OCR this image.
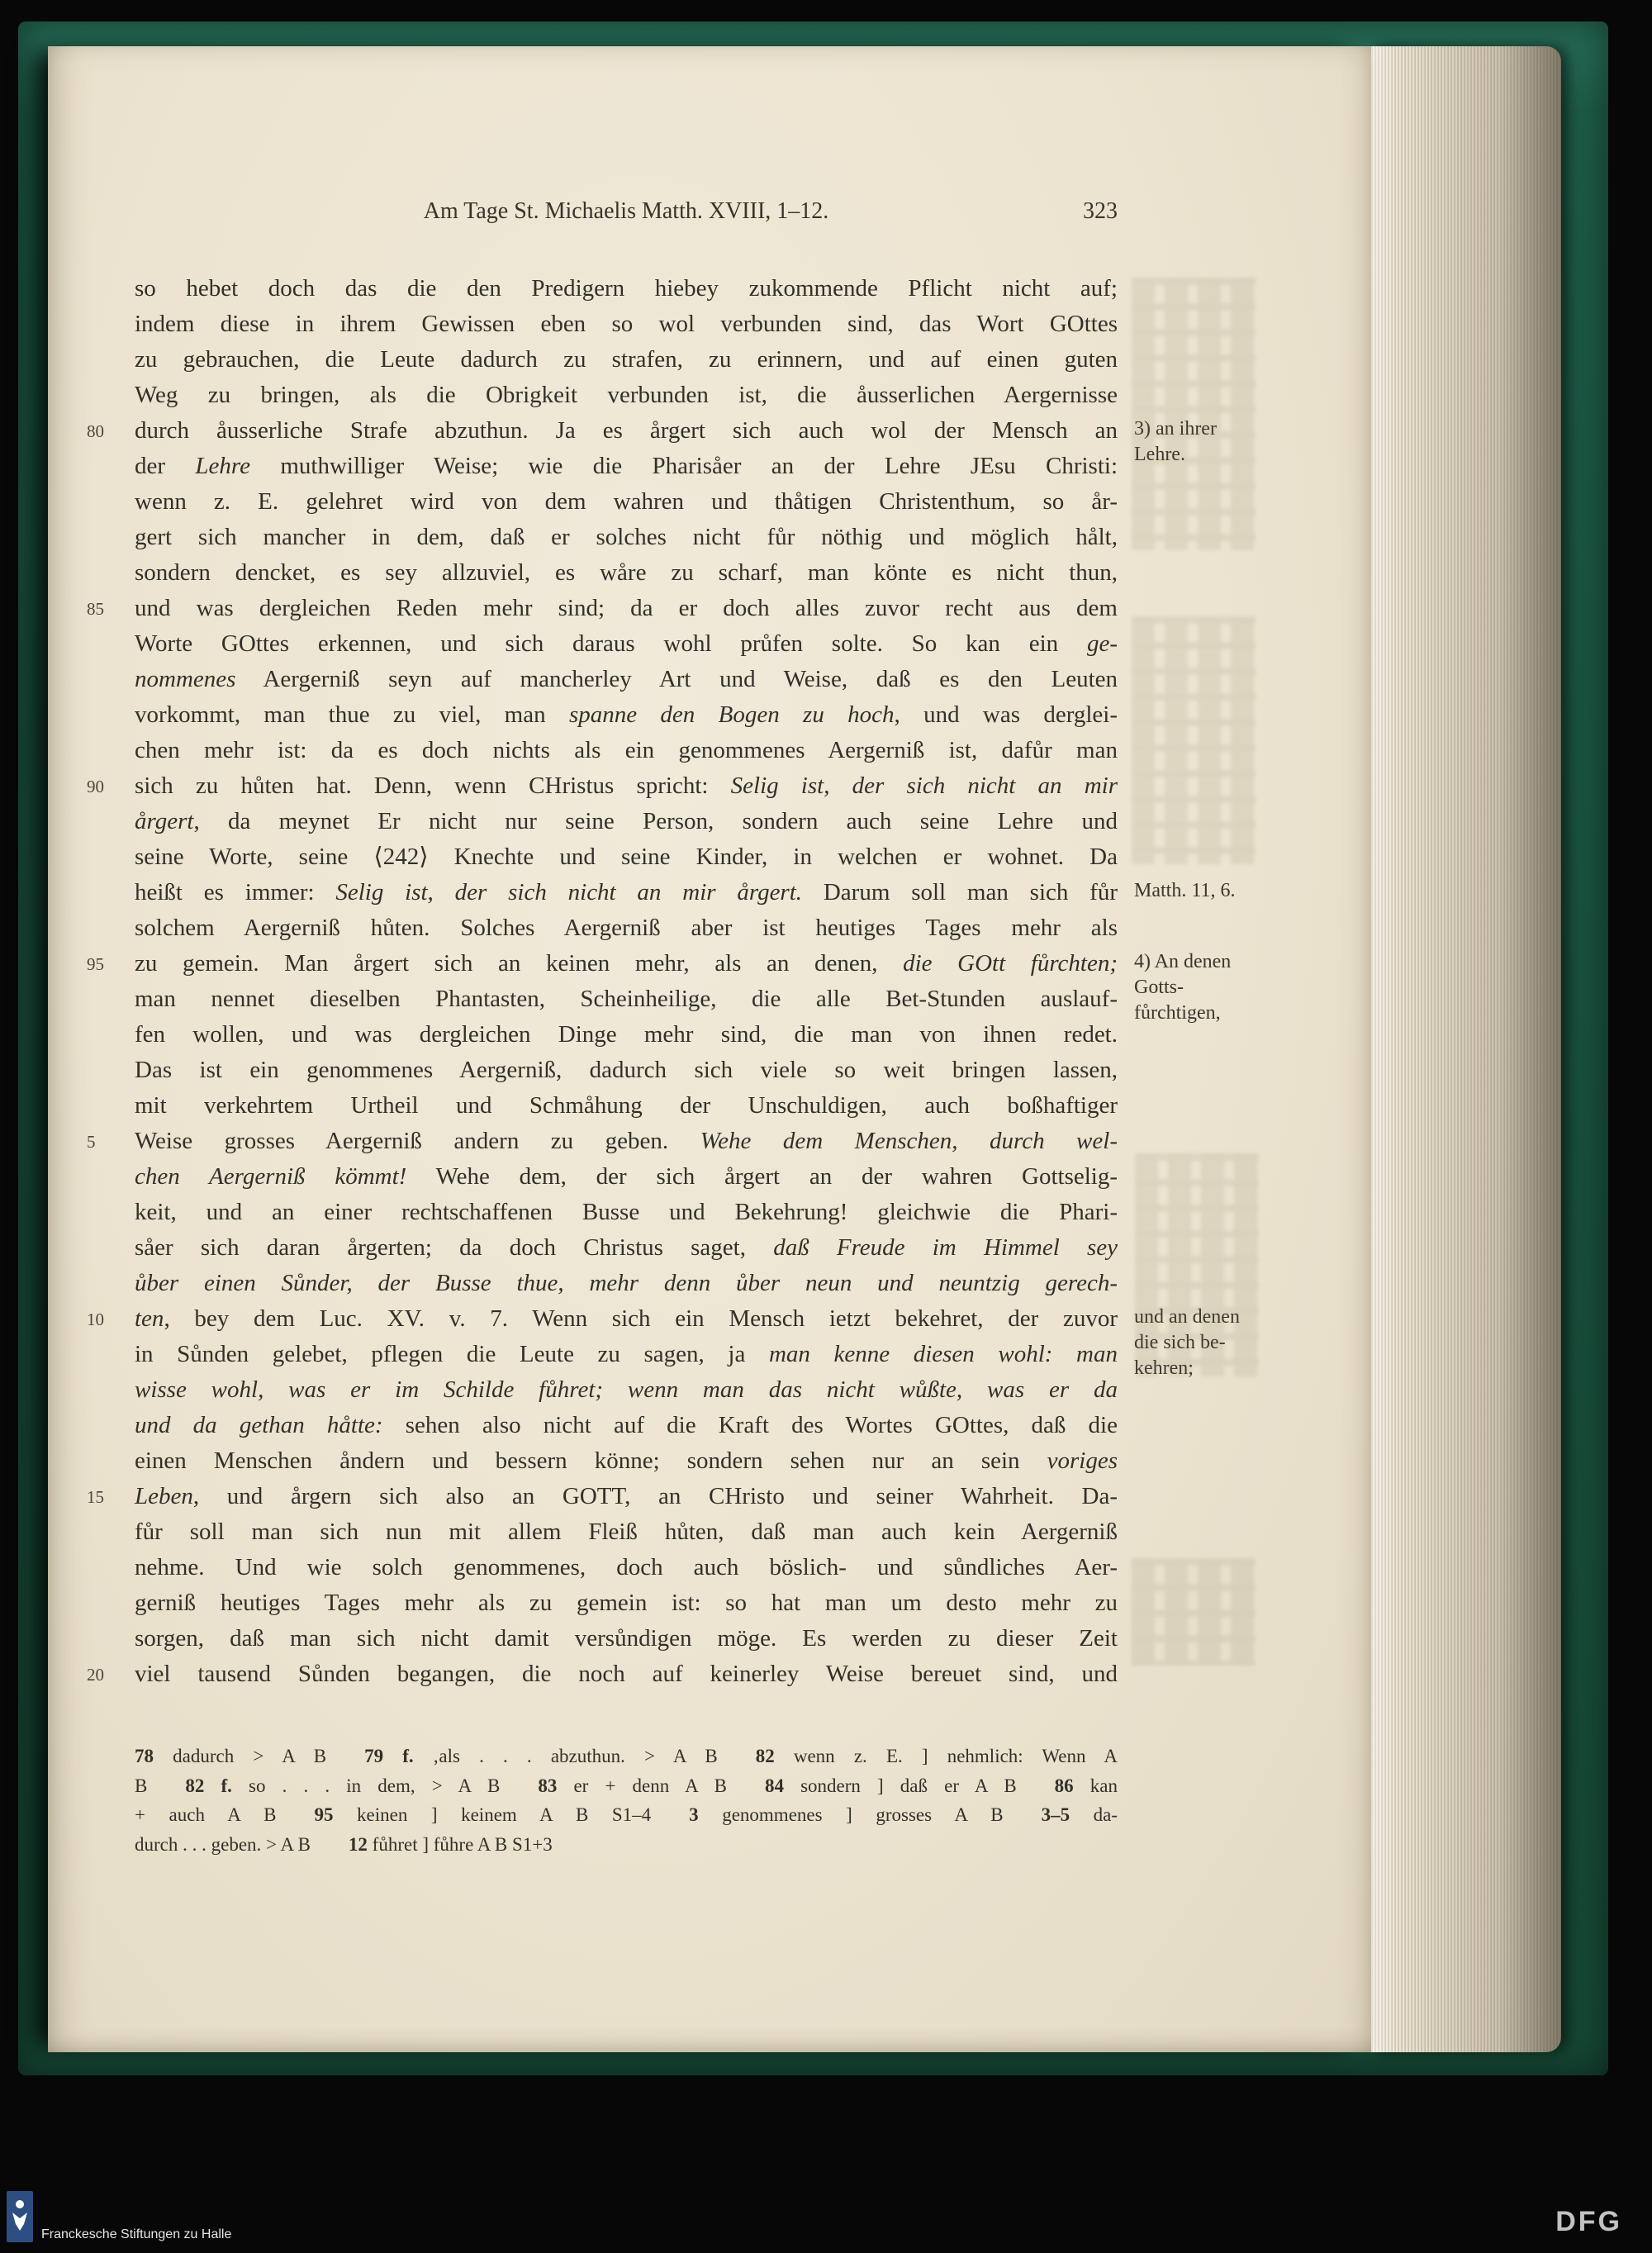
Am Tage St. Michaelis Matth. XVIII, 1–12.	323
so hebet doch das die den Predigern hiebey zukommende Pflicht nicht auf;
indem diese in ihrem Gewissen eben so wol verbunden sind, das Wort GOttes
zu gebrauchen, die Leute dadurch zu strafen, zu erinnern, und auf einen guten
Weg zu bringen, als die Obrigkeit verbunden ist, die åusserlichen Aergernisse
80	durch åusserliche Strafe abzuthun. Ja es årgert sich auch wol der Mensch an
der Lehre muthwilliger Weise; wie die Pharisåer an der Lehre JEsu Christi:
wenn z. E. gelehret wird von dem wahren und thåtigen Christenthum, so år-
gert sich mancher in dem, daß er solches nicht fůr nöthig und möglich hålt,
sondern dencket, es sey allzuviel, es wåre zu scharf, man könte es nicht thun,
85	und was dergleichen Reden mehr sind; da er doch alles zuvor recht aus dem
Worte GOttes erkennen, und sich daraus wohl průfen solte. So kan ein ge-
nommenes Aergerniß seyn auf mancherley Art und Weise, daß es den Leuten
vorkommt, man thue zu viel, man spanne den Bogen zu hoch, und was derglei-
chen mehr ist: da es doch nichts als ein genommenes Aergerniß ist, dafůr man
90	sich zu hůten hat. Denn, wenn CHristus spricht: Selig ist, der sich nicht an mir
årgert, da meynet Er nicht nur seine Person, sondern auch seine Lehre und
seine Worte, seine ⟨242⟩ Knechte und seine Kinder, in welchen er wohnet. Da
heißt es immer: Selig ist, der sich nicht an mir årgert. Darum soll man sich fůr
solchem Aergerniß hůten. Solches Aergerniß aber ist heutiges Tages mehr als
95	zu gemein. Man årgert sich an keinen mehr, als an denen, die GOtt fůrchten;
man nennet dieselben Phantasten, Scheinheilige, die alle Bet-Stunden auslauf-
fen wollen, und was dergleichen Dinge mehr sind, die man von ihnen redet.
Das ist ein genommenes Aergerniß, dadurch sich viele so weit bringen lassen,
mit verkehrtem Urtheil und Schmåhung der Unschuldigen, auch boßhaftiger
5	Weise grosses Aergerniß andern zu geben. Wehe dem Menschen, durch wel-
chen Aergerniß kömmt! Wehe dem, der sich årgert an der wahren Gottselig-
keit, und an einer rechtschaffenen Busse und Bekehrung! gleichwie die Phari-
såer sich daran årgerten; da doch Christus saget, daß Freude im Himmel sey
ůber einen Sůnder, der Busse thue, mehr denn ůber neun und neuntzig gerech-
10	ten, bey dem Luc. XV. v. 7. Wenn sich ein Mensch ietzt bekehret, der zuvor
in Sůnden gelebet, pflegen die Leute zu sagen, ja man kenne diesen wohl: man
wisse wohl, was er im Schilde fůhret; wenn man das nicht wůßte, was er da
und da gethan håtte: sehen also nicht auf die Kraft des Wortes GOttes, daß die
einen Menschen åndern und bessern könne; sondern sehen nur an sein voriges
15	Leben, und årgern sich also an GOTT, an CHristo und seiner Wahrheit. Da-
fůr soll man sich nun mit allem Fleiß hůten, daß man auch kein Aergerniß
nehme. Und wie solch genommenes, doch auch böslich- und sůndliches Aer-
gerniß heutiges Tages mehr als zu gemein ist: so hat man um desto mehr zu
sorgen, daß man sich nicht damit versůndigen möge. Es werden zu dieser Zeit
20	viel tausend Sůnden begangen, die noch auf keinerley Weise bereuet sind, und
3) an ihrer
Lehre.
Matth. 11, 6.
4) An denen
Gotts-
fůrchtigen,
und an denen
die sich be-
kehren;
78 dadurch > A B  79 f. ‚als . . . abzuthun. > A B  82 wenn z. E. ] nehmlich: Wenn A
B  82 f. so . . . in dem, > A B  83 er + denn A B  84 sondern ] daß er A B  86 kan
+ auch A B  95 keinen ] keinem A B S1–4  3 genommenes ] grosses A B  3–5 da-
durch . . . geben. > A B  12 fůhret ] fůhre A B S1+3
Franckesche Stiftungen zu Halle	DFG
